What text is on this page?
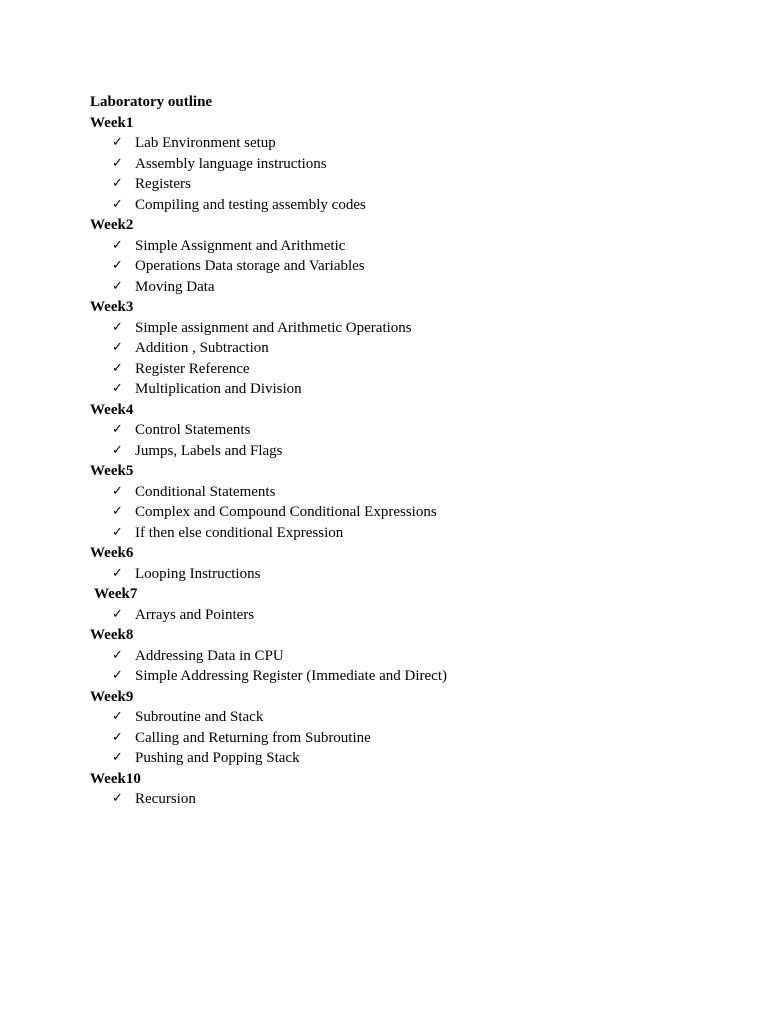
Laboratory outline
Week1
✓ Lab Environment setup
✓ Assembly language instructions
✓ Registers
✓ Compiling and testing assembly codes
Week2
✓ Simple Assignment and Arithmetic
✓ Operations Data storage and Variables
✓ Moving Data
Week3
✓ Simple assignment and Arithmetic Operations
✓ Addition , Subtraction
✓ Register Reference
✓ Multiplication and Division
Week4
✓ Control Statements
✓ Jumps, Labels and Flags
Week5
✓ Conditional Statements
✓ Complex and Compound Conditional Expressions
✓ If then else conditional Expression
Week6
✓ Looping Instructions
Week7
✓ Arrays and Pointers
Week8
✓ Addressing Data in CPU
✓ Simple Addressing Register (Immediate and Direct)
Week9
✓ Subroutine and Stack
✓ Calling and Returning from Subroutine
✓ Pushing and Popping Stack
Week10
✓ Recursion
